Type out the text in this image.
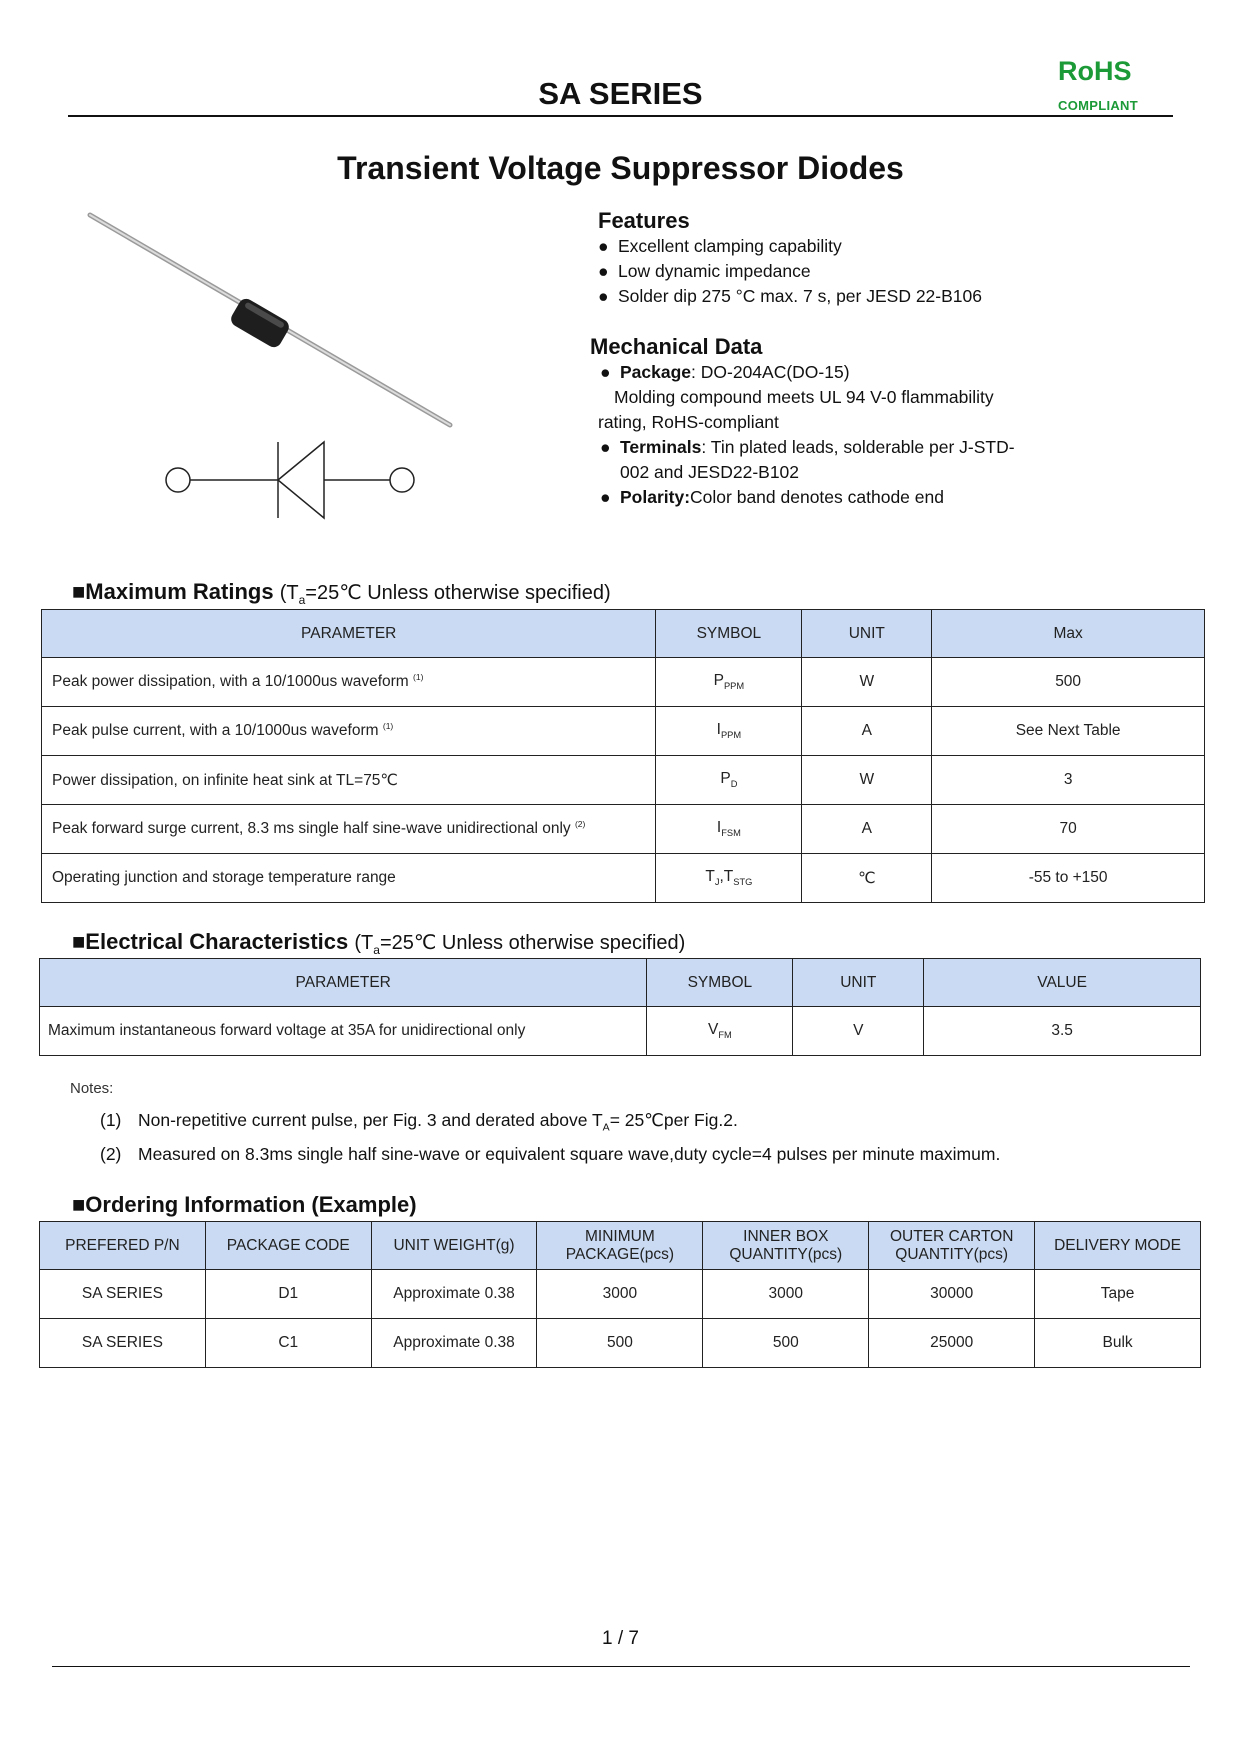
SA SERIES
RoHS
COMPLIANT
Transient Voltage Suppressor Diodes
Features
● Excellent clamping capability
● Low dynamic impedance
● Solder dip 275 °C max. 7 s, per JESD 22-B106
Mechanical Data
● Package: DO-204AC(DO-15)
Molding compound meets UL 94 V-0 flammability
rating, RoHS-compliant
● Terminals: Tin plated leads, solderable per J-STD-
002 and JESD22-B102
● Polarity:Color band denotes cathode end
■Maximum Ratings ($T_a=25℃$ Unless otherwise specified)
PARAMETER	SYMBOL	UNIT	Max
Peak power dissipation, with a 10/1000us waveform $^{(1)}$	$P_{PPM}$	W	500
Peak pulse current, with a 10/1000us waveform $^{(1)}$	$I_{PPM}$	A	See Next Table
Power dissipation, on infinite heat sink at TL=75℃	$P_D$	W	3
Peak forward surge current, 8.3 ms single half sine-wave unidirectional only $^{(2)}$	$I_{FSM}$	A	70
Operating junction and storage temperature range	$T_J,T_{STG}$	℃	-55 to +150
■Electrical Characteristics ($T_a=25℃$ Unless otherwise specified)
PARAMETER	SYMBOL	UNIT	VALUE
Maximum instantaneous forward voltage at 35A for unidirectional only	$V_{FM}$	V	3.5
Notes:
(1) Non-repetitive current pulse, per Fig. 3 and derated above $T_A=$ 25℃per Fig.2.
(2) Measured on 8.3ms single half sine-wave or equivalent square wave,duty cycle=4 pulses per minute maximum.
■Ordering Information (Example)
PREFERED P/N	PACKAGE CODE	UNIT WEIGHT(g)	MINIMUM PACKAGE(pcs)	INNER BOX QUANTITY(pcs)	OUTER CARTON QUANTITY(pcs)	DELIVERY MODE
SA SERIES	D1	Approximate 0.38	3000	3000	30000	Tape
SA SERIES	C1	Approximate 0.38	500	500	25000	Bulk
1 / 7
